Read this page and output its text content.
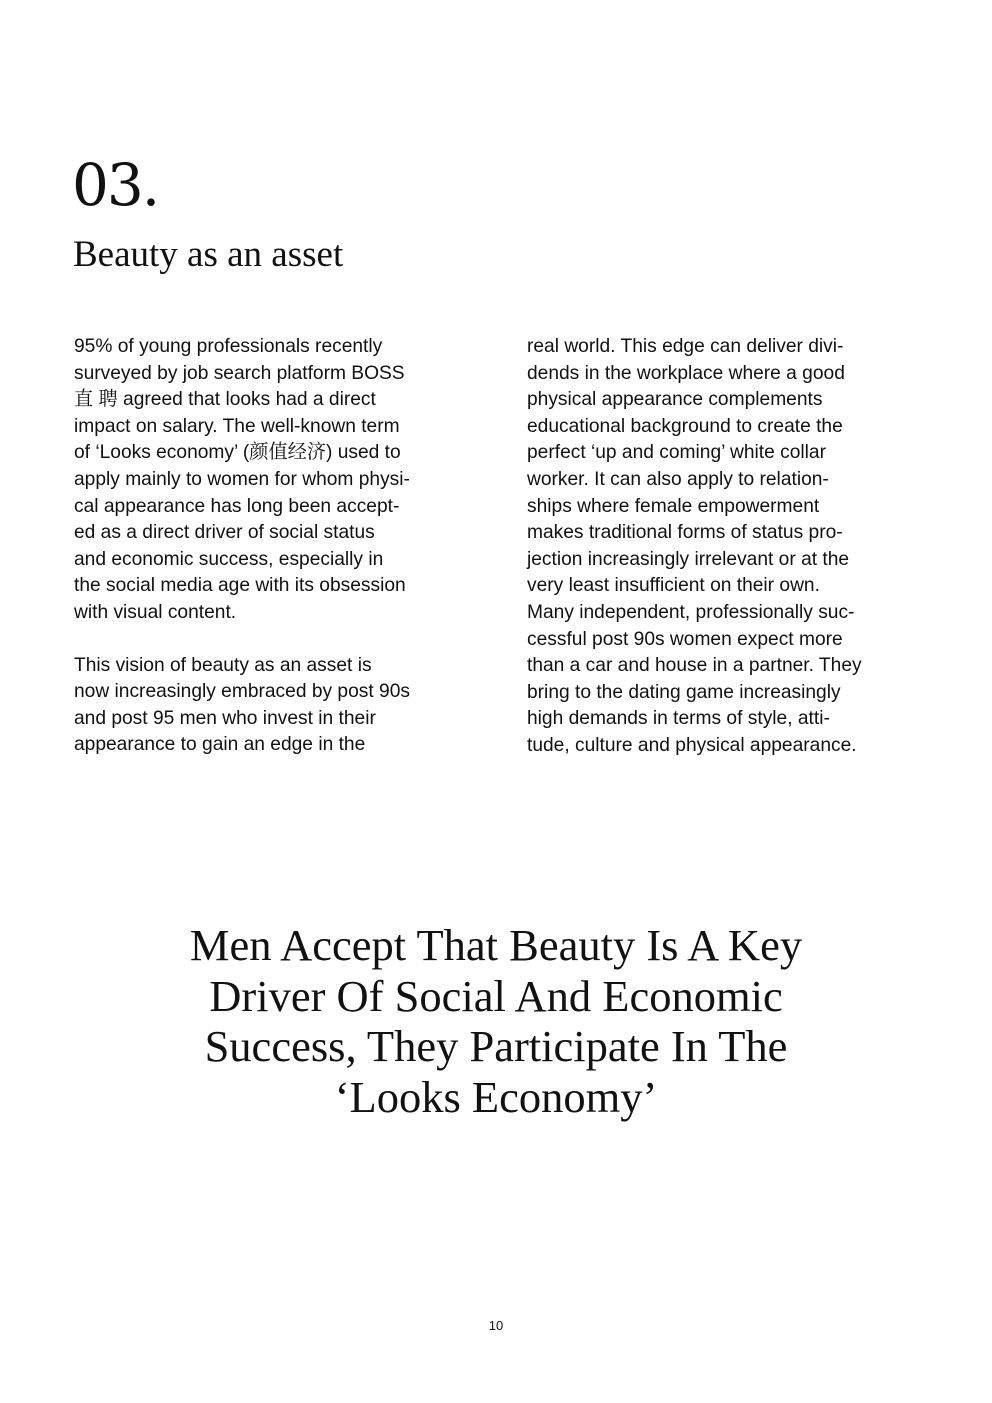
03.
Beauty as an asset

95% of young professionals recently
surveyed by job search platform BOSS
直 聘 agreed that looks had a direct
impact on salary. The well-known term
of ‘Looks economy’ (颜值经济) used to
apply mainly to women for whom physi-
cal appearance has long been accept-
ed as a direct driver of social status
and economic success, especially in
the social media age with its obsession
with visual content.

This vision of beauty as an asset is
now increasingly embraced by post 90s
and post 95 men who invest in their
appearance to gain an edge in the

real world. This edge can deliver divi-
dends in the workplace where a good
physical appearance complements
educational background to create the
perfect ‘up and coming’ white collar
worker. It can also apply to relation-
ships where female empowerment
makes traditional forms of status pro-
jection increasingly irrelevant or at the
very least insufficient on their own.
Many independent, professionally suc-
cessful post 90s women expect more
than a car and house in a partner. They
bring to the dating game increasingly
high demands in terms of style, atti-
tude, culture and physical appearance.

Men Accept That Beauty Is A Key
Driver Of Social And Economic
Success, They Participate In The
‘Looks Economy’
10
